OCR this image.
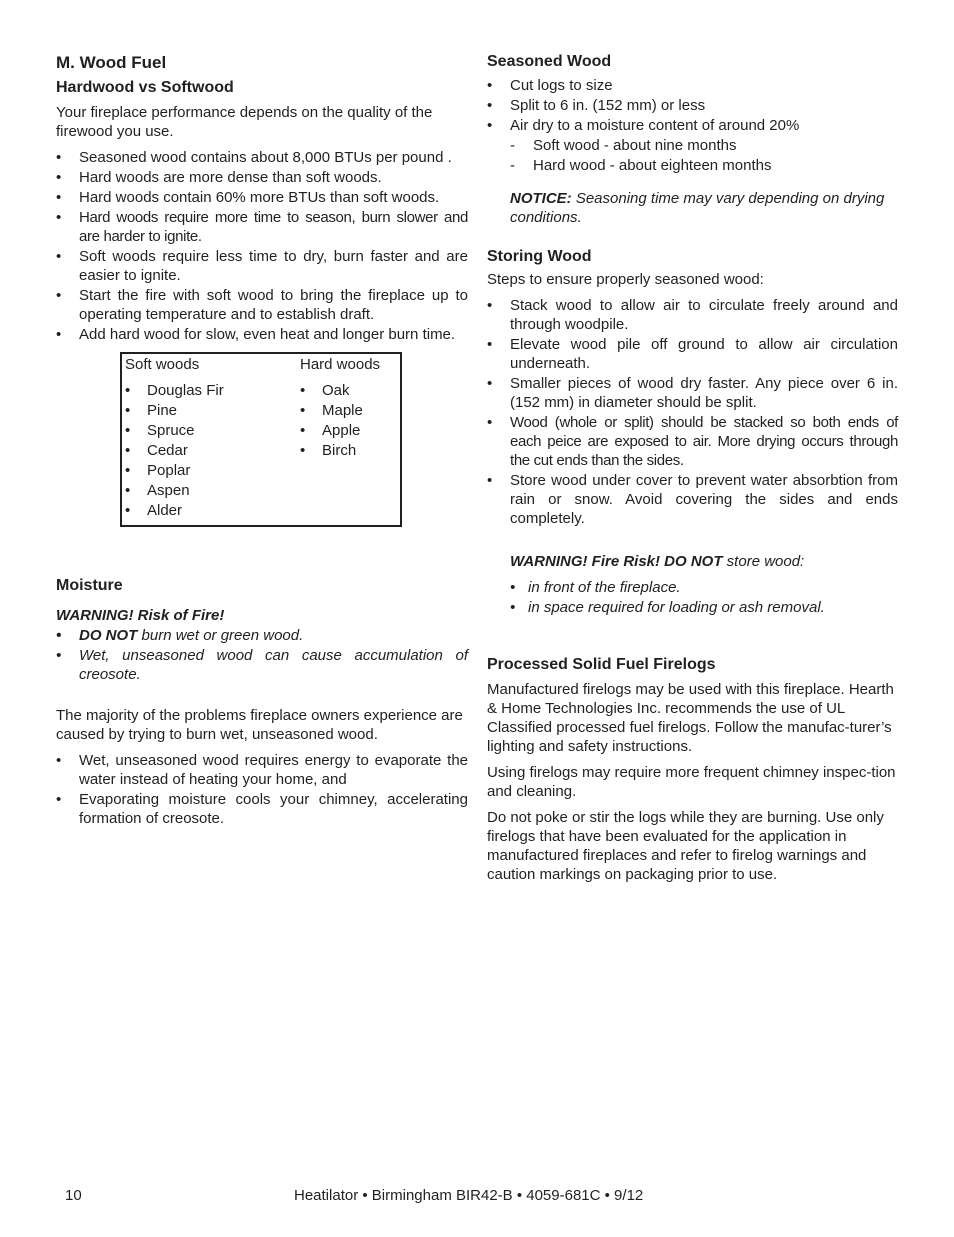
M. Wood Fuel
Hardwood vs Softwood

Your fireplace performance depends on the quality of the firewood you use.

• Seasoned wood contains about 8,000 BTUs per pound .
• Hard woods are more dense than soft woods.
• Hard woods contain 60% more BTUs than soft woods.
• Hard woods require more time to season, burn slower and are harder to ignite.
• Soft woods require less time to dry, burn faster and are easier to ignite.
• Start the fire with soft wood to bring the fireplace up to operating temperature and to establish draft.
• Add hard wood for slow, even heat and longer burn time.
Soft woods
• Douglas Fir
• Pine
• Spruce
• Cedar
• Poplar
• Aspen
• Alder
Hard woods
• Oak
• Maple
• Apple
• Birch
Moisture

WARNING! Risk of Fire!

• DO NOT burn wet or green wood.
• Wet, unseasoned wood can cause accumulation of creosote.

The majority of the problems fireplace owners experience are caused by trying to burn wet, unseasoned wood.

• Wet, unseasoned wood requires energy to evaporate the water instead of heating your home, and
• Evaporating moisture cools your chimney, accelerating formation of creosote.
Seasoned Wood
• Cut logs to size
• Split to 6 in. (152 mm) or less
• Air dry to a moisture content of around 20%
- Soft wood - about nine months
- Hard wood - about eighteen months

NOTICE: Seasoning time may vary depending on drying conditions.

Storing Wood

Steps to ensure properly seasoned wood:

• Stack wood to allow air to circulate freely around and through woodpile.
• Elevate wood pile off ground to allow air circulation underneath.
• Smaller pieces of wood dry faster. Any piece over 6 in. (152 mm) in diameter should be split.
• Wood (whole or split) should be stacked so both ends of each peice are exposed to air. More drying occurs through the cut ends than the sides.
• Store wood under cover to prevent water absorbtion from rain or snow. Avoid covering the sides and ends completely.

WARNING! Fire Risk! DO NOT store wood:

• in front of the fireplace.
• in space required for loading or ash removal.
Processed Solid Fuel Firelogs

Manufactured firelogs may be used with this fireplace. Hearth & Home Technologies Inc. recommends the use of UL Classified processed fuel firelogs. Follow the manufac-turer’s lighting and safety instructions.

Using firelogs may require more frequent chimney inspec-tion and cleaning.

Do not poke or stir the logs while they are burning. Use only firelogs that have been evaluated for the application in manufactured fireplaces and refer to firelog warnings and caution markings on packaging prior to use.

10	Heatilator • Birmingham BIR42-B • 4059-681C • 9/12
